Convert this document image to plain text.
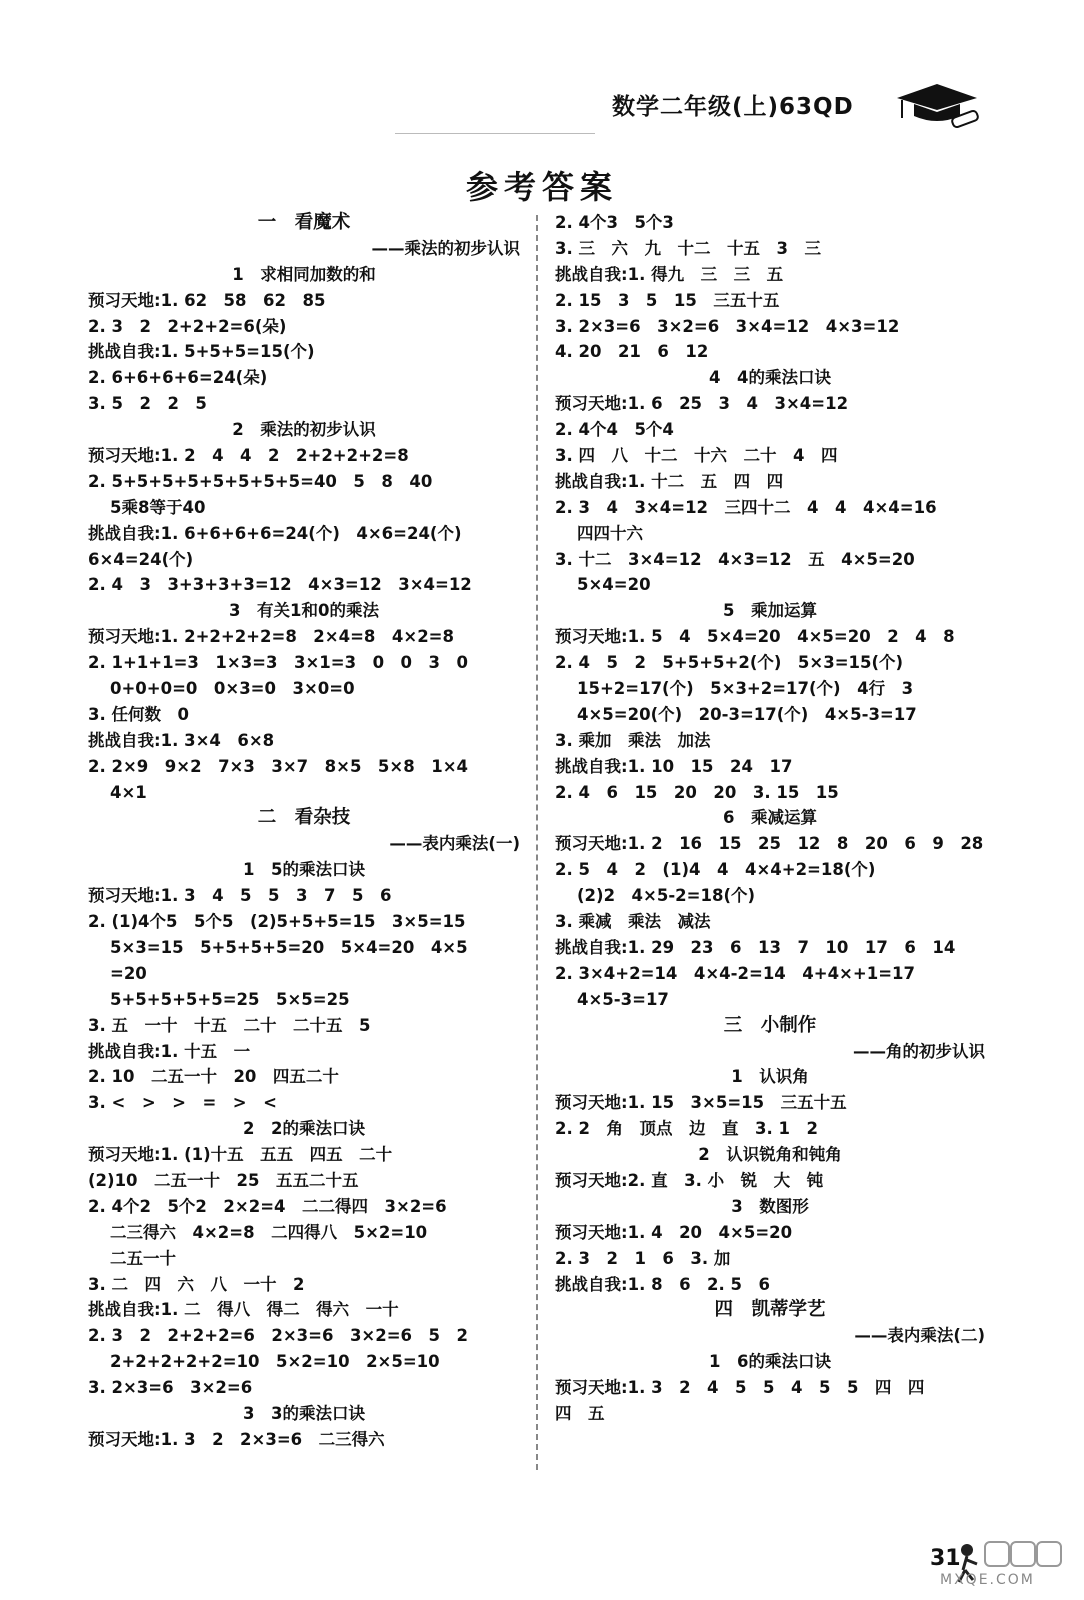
数学二年级(上)63QD
参考答案
一　看魔术
——乘法的初步认识
1　求相同加数的和
预习天地:1. 62　58　62　85
2. 3　2　2+2+2=6(朵)
挑战自我:1. 5+5+5=15(个)
2. 6+6+6+6=24(朵)
3. 5　2　2　5
2　乘法的初步认识
预习天地:1. 2　4　4　2　2+2+2+2=8
2. 5+5+5+5+5+5+5+5=40　5　8　40
5乘8等于40
挑战自我:1. 6+6+6+6=24(个)　4×6=24(个)
6×4=24(个)
2. 4　3　3+3+3+3=12　4×3=12　3×4=12
3　有关1和0的乘法
预习天地:1. 2+2+2+2=8　2×4=8　4×2=8
2. 1+1+1=3　1×3=3　3×1=3　0　0　3　0
0+0+0=0　0×3=0　3×0=0
3. 任何数　0
挑战自我:1. 3×4　6×8
2. 2×9　9×2　7×3　3×7　8×5　5×8　1×4
4×1
二　看杂技
——表内乘法(一)
1　5的乘法口诀
预习天地:1. 3　4　5　5　3　7　5　6
2. (1)4个5　5个5　(2)5+5+5=15　3×5=15
5×3=15　5+5+5+5=20　5×4=20　4×5
=20
5+5+5+5+5=25　5×5=25
3. 五　一十　十五　二十　二十五　5
挑战自我:1. 十五　一
2. 10　二五一十　20　四五二十
3. <　>　>　=　>　<
2　2的乘法口诀
预习天地:1. (1)十五　五五　四五　二十
(2)10　二五一十　25　五五二十五
2. 4个2　5个2　2×2=4　二二得四　3×2=6
二三得六　4×2=8　二四得八　5×2=10
二五一十
3. 二　四　六　八　一十　2
挑战自我:1. 二　得八　得二　得六　一十
2. 3　2　2+2+2=6　2×3=6　3×2=6　5　2
2+2+2+2+2=10　5×2=10　2×5=10
3. 2×3=6　3×2=6
3　3的乘法口诀
预习天地:1. 3　2　2×3=6　二三得六
2. 4个3　5个3
3. 三　六　九　十二　十五　3　三
挑战自我:1. 得九　三　三　五
2. 15　3　5　15　三五十五
3. 2×3=6　3×2=6　3×4=12　4×3=12
4. 20　21　6　12
4　4的乘法口诀
预习天地:1. 6　25　3　4　3×4=12
2. 4个4　5个4
3. 四　八　十二　十六　二十　4　四
挑战自我:1. 十二　五　四　四
2. 3　4　3×4=12　三四十二　4　4　4×4=16
四四十六
3. 十二　3×4=12　4×3=12　五　4×5=20
5×4=20
5　乘加运算
预习天地:1. 5　4　5×4=20　4×5=20　2　4　8
2. 4　5　2　5+5+5+2(个)　5×3=15(个)
15+2=17(个)　5×3+2=17(个)　4行　3
4×5=20(个)　20-3=17(个)　4×5-3=17
3. 乘加　乘法　加法
挑战自我:1. 10　15　24　17
2. 4　6　15　20　20　3. 15　15
6　乘减运算
预习天地:1. 2　16　15　25　12　8　20　6　9　28
2. 5　4　2　(1)4　4　4×4+2=18(个)
(2)2　4×5-2=18(个)
3. 乘减　乘法　减法
挑战自我:1. 29　23　6　13　7　10　17　6　14
2. 3×4+2=14　4×4-2=14　4+4×+1=17
4×5-3=17
三　小制作
——角的初步认识
1　认识角
预习天地:1. 15　3×5=15　三五十五
2. 2　角　顶点　边　直　3. 1　2
2　认识锐角和钝角
预习天地:2. 直　3. 小　锐　大　钝
3　数图形
预习天地:1. 4　20　4×5=20
2. 3　2　1　6　3. 加
挑战自我:1. 8　6　2. 5　6
四　凯蒂学艺
——表内乘法(二)
1　6的乘法口诀
预习天地:1. 3　2　4　5　5　4　5　5　四　四
四　五
31
MXQE.COM
